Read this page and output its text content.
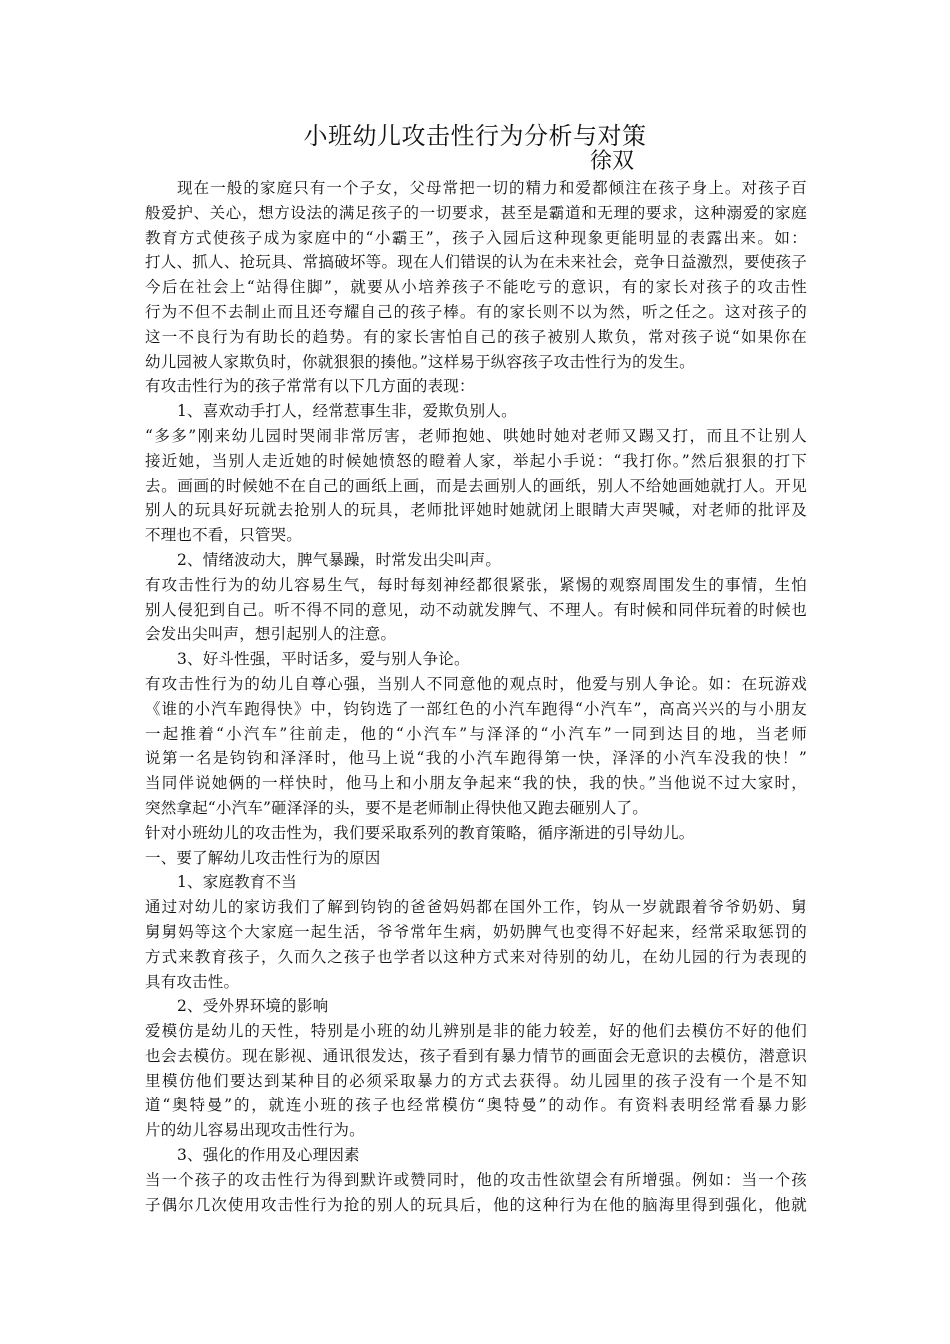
小班幼儿攻击性行为分析与对策
徐双
现在一般的家庭只有一个子女，父母常把一切的精力和爱都倾注在孩子身上。对孩子百
般爱护、关心，想方设法的满足孩子的一切要求，甚至是霸道和无理的要求，这种溺爱的家庭
教育方式使孩子成为家庭中的“小霸王”，孩子入园后这种现象更能明显的表露出来。如：
打人、抓人、抢玩具、常搞破坏等。现在人们错误的认为在未来社会，竞争日益激烈，要使孩子
今后在社会上“站得住脚”，就要从小培养孩子不能吃亏的意识，有的家长对孩子的攻击性
行为不但不去制止而且还夸耀自己的孩子棒。有的家长则不以为然，听之任之。这对孩子的
这一不良行为有助长的趋势。有的家长害怕自己的孩子被别人欺负，常对孩子说“如果你在
幼儿园被人家欺负时，你就狠狠的揍他。”这样易于纵容孩子攻击性行为的发生。
有攻击性行为的孩子常常有以下几方面的表现：
1、喜欢动手打人，经常惹事生非，爱欺负别人。
“多多”刚来幼儿园时哭闹非常厉害，老师抱她、哄她时她对老师又踢又打，而且不让别人
接近她，当别人走近她的时候她愤怒的瞪着人家，举起小手说：“我打你。”然后狠狠的打下
去。画画的时候她不在自己的画纸上画，而是去画别人的画纸，别人不给她画她就打人。开见
别人的玩具好玩就去抢别人的玩具，老师批评她时她就闭上眼睛大声哭喊，对老师的批评及
不理也不看，只管哭。
2、情绪波动大，脾气暴躁，时常发出尖叫声。
有攻击性行为的幼儿容易生气，每时每刻神经都很紧张，紧惕的观察周围发生的事情，生怕
别人侵犯到自己。听不得不同的意见，动不动就发脾气、不理人。有时候和同伴玩着的时候也
会发出尖叫声，想引起别人的注意。
3、好斗性强，平时话多，爱与别人争论。
有攻击性行为的幼儿自尊心强，当别人不同意他的观点时，他爱与别人争论。如：在玩游戏
《谁的小汽车跑得快》中，钧钧选了一部红色的小汽车跑得“小汽车”，高高兴兴的与小朋友
一起推着“小汽车”往前走，他的“小汽车”与泽泽的“小汽车”一同到达目的地，当老师
说第一名是钧钧和泽泽时，他马上说“我的小汽车跑得第一快，泽泽的小汽车没我的快！”
当同伴说她俩的一样快时，他马上和小朋友争起来“我的快，我的快。”当他说不过大家时，
突然拿起“小汽车”砸泽泽的头，要不是老师制止得快他又跑去砸别人了。
针对小班幼儿的攻击性为，我们要采取系列的教育策略，循序渐进的引导幼儿。
一、要了解幼儿攻击性行为的原因
1、家庭教育不当
通过对幼儿的家访我们了解到钧钧的爸爸妈妈都在国外工作，钧从一岁就跟着爷爷奶奶、舅
舅舅妈等这个大家庭一起生活，爷爷常年生病，奶奶脾气也变得不好起来，经常采取惩罚的
方式来教育孩子，久而久之孩子也学者以这种方式来对待别的幼儿，在幼儿园的行为表现的
具有攻击性。
2、受外界环境的影响
爱模仿是幼儿的天性，特别是小班的幼儿辨别是非的能力较差，好的他们去模仿不好的他们
也会去模仿。现在影视、通讯很发达，孩子看到有暴力情节的画面会无意识的去模仿，潜意识
里模仿他们要达到某种目的必须采取暴力的方式去获得。幼儿园里的孩子没有一个是不知
道“奥特曼”的，就连小班的孩子也经常模仿“奥特曼”的动作。有资料表明经常看暴力影
片的幼儿容易出现攻击性行为。
3、强化的作用及心理因素
当一个孩子的攻击性行为得到默许或赞同时，他的攻击性欲望会有所增强。例如：当一个孩
子偶尔几次使用攻击性行为抢的别人的玩具后，他的这种行为在他的脑海里得到强化，他就
